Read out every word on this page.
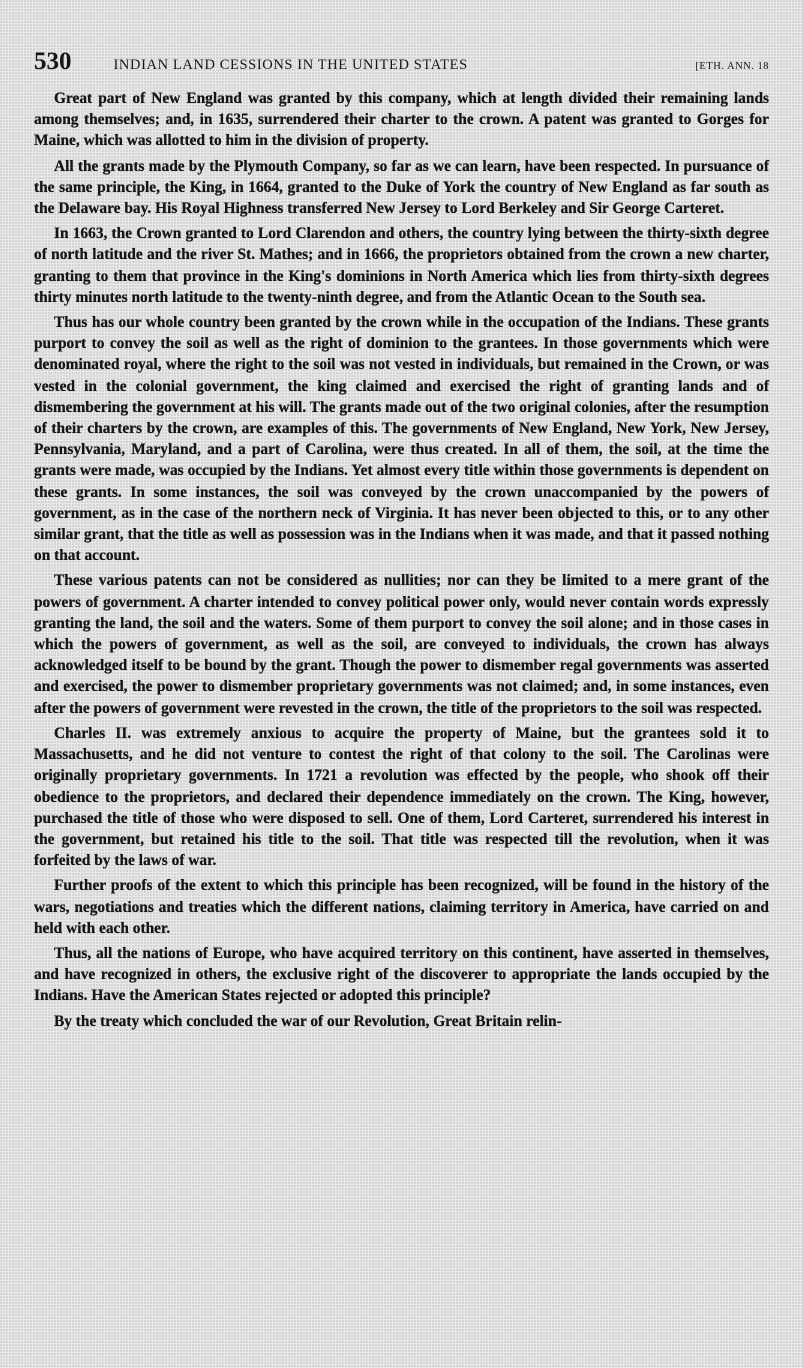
530	INDIAN LAND CESSIONS IN THE UNITED STATES	[ETH. ANN. 18

Great part of New England was granted by this company, which at length divided their remaining lands among themselves; and, in 1635, surrendered their charter to the crown. A patent was granted to Gorges for Maine, which was allotted to him in the division of property.

All the grants made by the Plymouth Company, so far as we can learn, have been respected. In pursuance of the same principle, the King, in 1664, granted to the Duke of York the country of New England as far south as the Delaware bay. His Royal Highness transferred New Jersey to Lord Berkeley and Sir George Carteret.

In 1663, the Crown granted to Lord Clarendon and others, the country lying between the thirty-sixth degree of north latitude and the river St. Mathes; and in 1666, the proprietors obtained from the crown a new charter, granting to them that province in the King's dominions in North America which lies from thirty-sixth degrees thirty minutes north latitude to the twenty-ninth degree, and from the Atlantic Ocean to the South sea.

Thus has our whole country been granted by the crown while in the occupation of the Indians. These grants purport to convey the soil as well as the right of dominion to the grantees. In those governments which were denominated royal, where the right to the soil was not vested in individuals, but remained in the Crown, or was vested in the colonial government, the king claimed and exercised the right of granting lands and of dismembering the government at his will. The grants made out of the two original colonies, after the resumption of their charters by the crown, are examples of this. The governments of New England, New York, New Jersey, Pennsylvania, Maryland, and a part of Carolina, were thus created. In all of them, the soil, at the time the grants were made, was occupied by the Indians. Yet almost every title within those governments is dependent on these grants. In some instances, the soil was conveyed by the crown unaccompanied by the powers of government, as in the case of the northern neck of Virginia. It has never been objected to this, or to any other similar grant, that the title as well as possession was in the Indians when it was made, and that it passed nothing on that account.

These various patents can not be considered as nullities; nor can they be limited to a mere grant of the powers of government. A charter intended to convey political power only, would never contain words expressly granting the land, the soil and the waters. Some of them purport to convey the soil alone; and in those cases in which the powers of government, as well as the soil, are conveyed to individuals, the crown has always acknowledged itself to be bound by the grant. Though the power to dismember regal governments was asserted and exercised, the power to dismember proprietary governments was not claimed; and, in some instances, even after the powers of government were revested in the crown, the title of the proprietors to the soil was respected.

Charles II. was extremely anxious to acquire the property of Maine, but the grantees sold it to Massachusetts, and he did not venture to contest the right of that colony to the soil. The Carolinas were originally proprietary governments. In 1721 a revolution was effected by the people, who shook off their obedience to the proprietors, and declared their dependence immediately on the crown. The King, however, purchased the title of those who were disposed to sell. One of them, Lord Carteret, surrendered his interest in the government, but retained his title to the soil. That title was respected till the revolution, when it was forfeited by the laws of war.

Further proofs of the extent to which this principle has been recognized, will be found in the history of the wars, negotiations and treaties which the different nations, claiming territory in America, have carried on and held with each other.

Thus, all the nations of Europe, who have acquired territory on this continent, have asserted in themselves, and have recognized in others, the exclusive right of the discoverer to appropriate the lands occupied by the Indians. Have the American States rejected or adopted this principle?

By the treaty which concluded the war of our Revolution, Great Britain relin-
